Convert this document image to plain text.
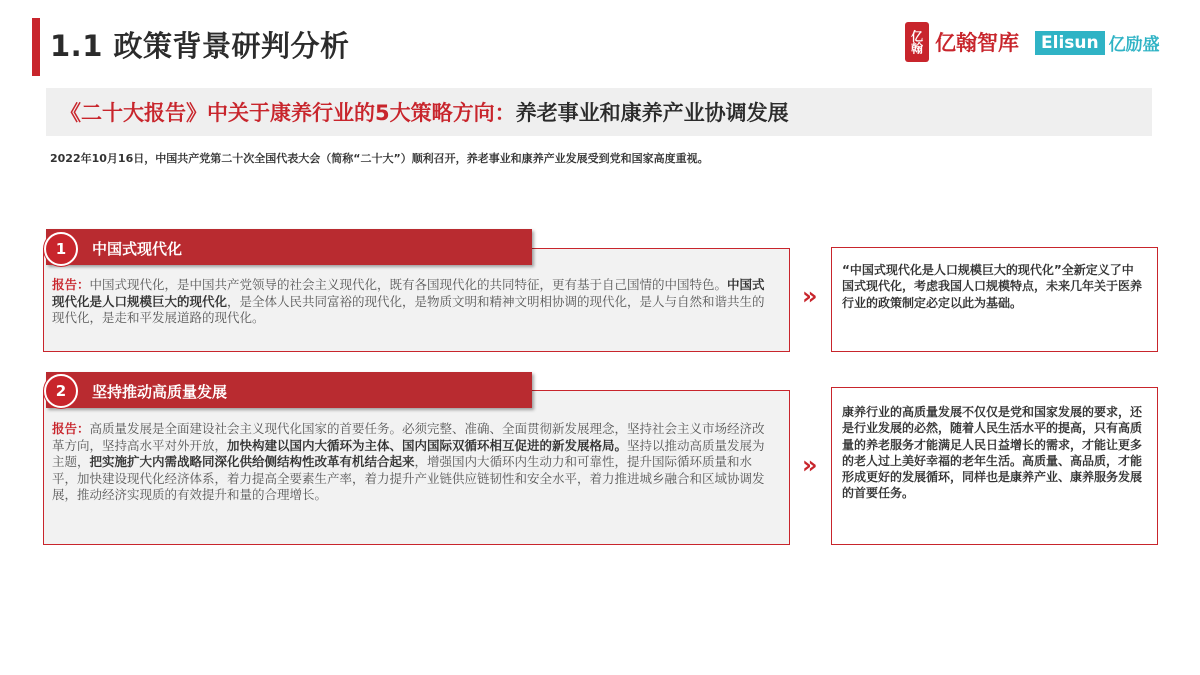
1.1 政策背景研判分析	亿翰 亿翰智库	Elisun 亿励盛
《二十大报告》中关于康养行业的5大策略方向： 养老事业和康养产业协调发展
2022年10月16日，中国共产党第二十次全国代表大会（简称“二十大”）顺利召开，养老事业和康养产业发展受到党和国家高度重视。
报告：中国式现代化，是中国共产党领导的社会主义现代化，既有各国现代化的共同特征，更有基于自己国情的中国特色。中国式现代化是人口规模巨大的现代化，是全体人民共同富裕的现代化，是物质文明和精神文明相协调的现代化，是人与自然和谐共生的现代化，是走和平发展道路的现代化。
中国式现代化
1
»
“中国式现代化是人口规模巨大的现代化”全新定义了中国式现代化，考虑我国人口规模特点，未来几年关于医养行业的政策制定必定以此为基础。
报告：高质量发展是全面建设社会主义现代化国家的首要任务。必须完整、准确、全面贯彻新发展理念，坚持社会主义市场经济改革方向，坚持高水平对外开放，加快构建以国内大循环为主体、国内国际双循环相互促进的新发展格局。坚持以推动高质量发展为主题，把实施扩大内需战略同深化供给侧结构性改革有机结合起来，增强国内大循环内生动力和可靠性，提升国际循环质量和水平，加快建设现代化经济体系，着力提高全要素生产率，着力提升产业链供应链韧性和安全水平，着力推进城乡融合和区域协调发展，推动经济实现质的有效提升和量的合理增长。
坚持推动高质量发展
2
»
康养行业的高质量发展不仅仅是党和国家发展的要求，还是行业发展的必然，随着人民生活水平的提高，只有高质量的养老服务才能满足人民日益增长的需求，才能让更多的老人过上美好幸福的老年生活。高质量、高品质，才能形成更好的发展循环，同样也是康养产业、康养服务发展的首要任务。
